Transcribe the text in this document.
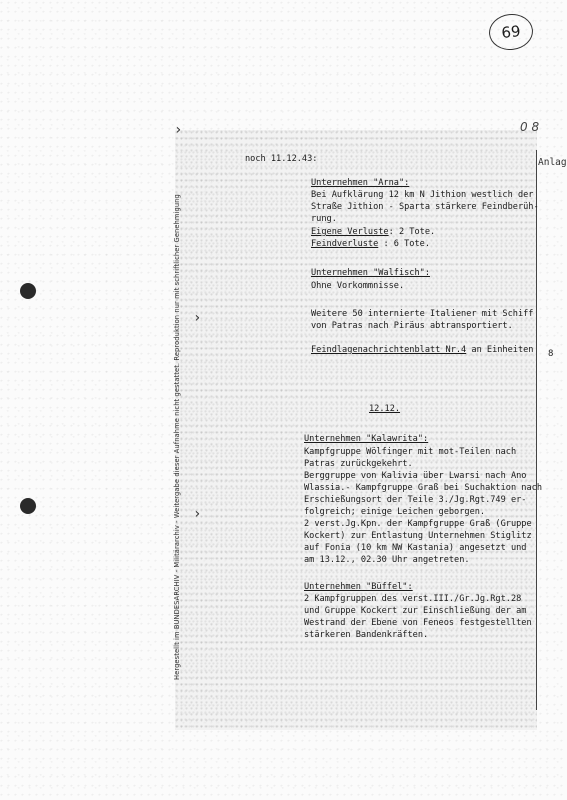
69
0 8
Anlag
8
Hergestellt im BUNDESARCHIV - Militärarchiv - Weitergabe dieser Aufnahme nicht gestattet. Reproduktion nur mit schriftlicher Genehmigung
›
›
›
noch 11.12.43:
Unternehmen "Arna":
Bei Aufklärung 12 km N Jithion westlich der
Straße Jithion - Sparta stärkere Feindberüh-
rung.
Eigene Verluste: 2 Tote.
Feindverluste : 6 Tote.
Unternehmen "Walfisch":
Ohne Vorkommnisse.
Weitere 50 internierte Italiener mit Schiff
von Patras nach Piräus abtransportiert.
Feindlagenachrichtenblatt Nr.4 an Einheiten
12.12.
Unternehmen "Kalawrita":
Kampfgruppe Wölfinger mit mot-Teilen nach
Patras zurückgekehrt.
Berggruppe von Kalivia über Lwarsi nach Ano
Wlassia.- Kampfgruppe Graß bei Suchaktion nach
Erschießungsort der Teile 3./Jg.Rgt.749 er-
folgreich; einige Leichen geborgen.
2 verst.Jg.Kpn. der Kampfgruppe Graß (Gruppe
Kockert) zur Entlastung Unternehmen Stiglitz
auf Fonia (10 km NW Kastania) angesetzt und
am 13.12., 02.30 Uhr angetreten.
Unternehmen "Büffel":
2 Kampfgruppen des verst.III./Gr.Jg.Rgt.28
und Gruppe Kockert zur Einschließung der am
Westrand der Ebene von Feneos festgestellten
stärkeren Bandenkräften.
